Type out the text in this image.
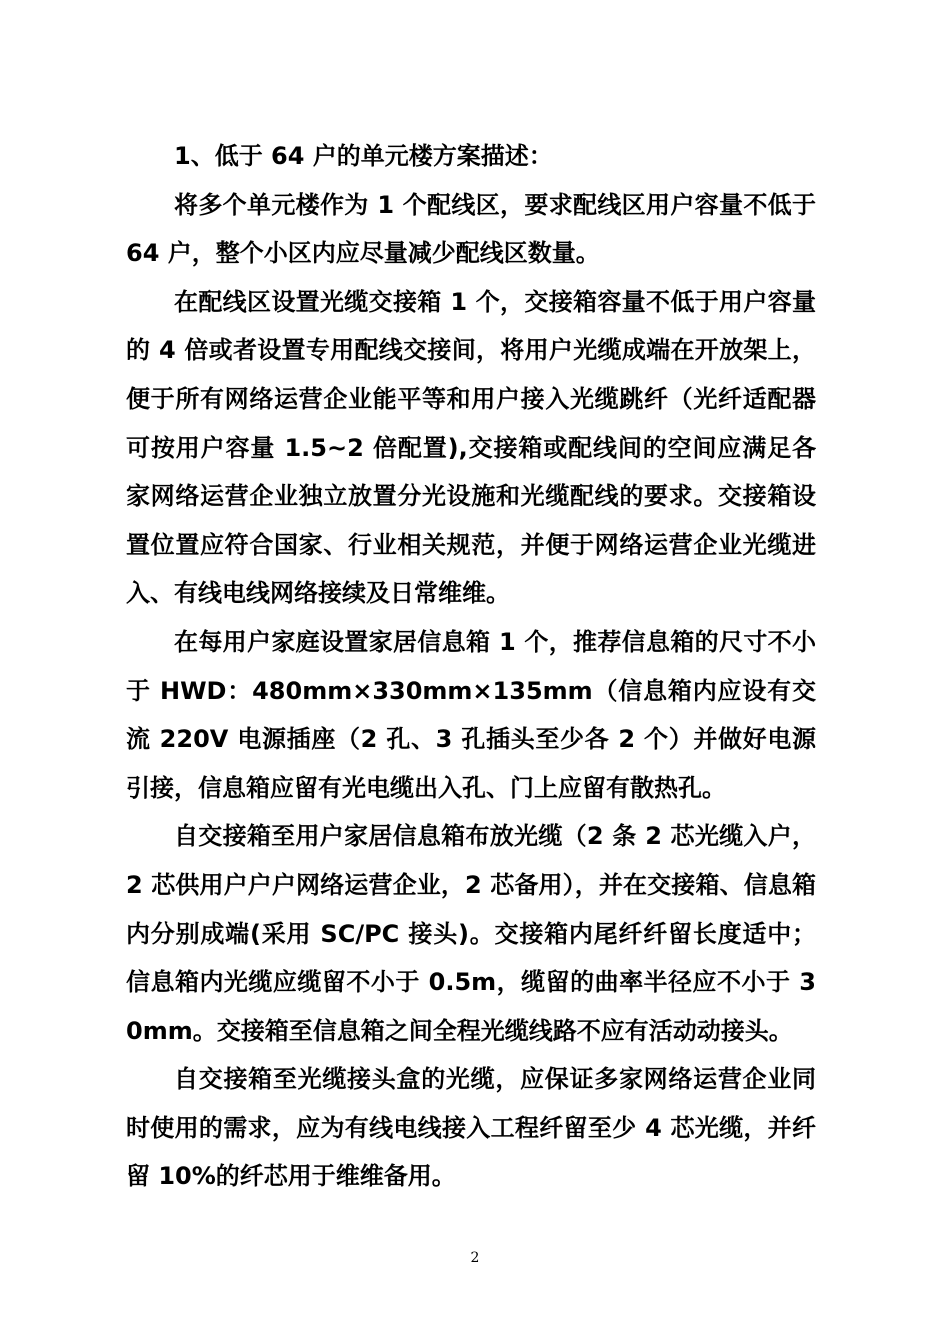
1、低于 64 户的单元楼方案描述：

将多个单元楼作为 1 个配线区，要求配线区用户容量不低于 64 户，整个小区内应尽量减少配线区数量。

在配线区设置光缆交接箱 1 个，交接箱容量不低于用户容量的 4 倍或者设置专用配线交接间，将用户光缆成端在开放架上，便于所有网络运营企业能平等和用户接入光缆跳纤（光纤适配器可按用户容量 1.5~2 倍配置),交接箱或配线间的空间应满足各家网络运营企业独立放置分光设施和光缆配线的要求。交接箱设置位置应符合国家、行业相关规范，并便于网络运营企业光缆进入、有线电线网络接续及日常维维。

在每用户家庭设置家居信息箱 1 个，推荐信息箱的尺寸不小于 HWD：480mm×330mm×135mm（信息箱内应设有交流 220V 电源插座（2 孔、3 孔插头至少各 2 个）并做好电源引接，信息箱应留有光电缆出入孔、门上应留有散热孔。

自交接箱至用户家居信息箱布放光缆（2 条 2 芯光缆入户，2 芯供用户户户网络运营企业，2 芯备用），并在交接箱、信息箱内分别成端(采用 SC/PC 接头)。交接箱内尾纤纤留长度适中；信息箱内光缆应缆留不小于 0.5m，缆留的曲率半径应不小于 30mm。交接箱至信息箱之间全程光缆线路不应有活动动接头。

自交接箱至光缆接头盒的光缆，应保证多家网络运营企业同时使用的需求，应为有线电线接入工程纤留至少 4 芯光缆，并纤留 10%的纤芯用于维维备用。

2
